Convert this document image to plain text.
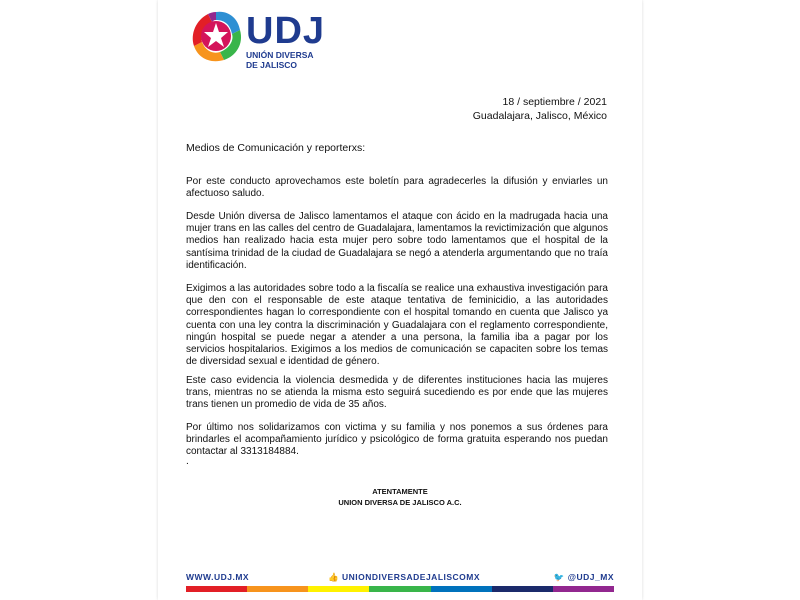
UDJ
UNIÓN DIVERSA
DE JALISCO
18 / septiembre / 2021
Guadalajara, Jalisco, México
Medios de Comunicación y reporterxs:

Por este conducto aprovechamos este boletín para agradecerles la difusión y enviarles un afectuoso saludo.

Desde Unión diversa de Jalisco lamentamos el ataque con ácido en la madrugada hacia una mujer trans en las calles del centro de Guadalajara, lamentamos la revictimización que algunos medios han realizado hacia esta mujer pero sobre todo lamentamos que el hospital de la santísima trinidad de la ciudad de Guadalajara se negó a atenderla argumentando que no traía identificación.

Exigimos a las autoridades sobre todo a la fiscalía se realice una exhaustiva investigación para que den con el responsable de este ataque tentativa de feminicidio, a las autoridades correspondientes hagan lo correspondiente con el hospital tomando en cuenta que Jalisco ya cuenta con una ley contra la discriminación y Guadalajara con el reglamento correspondiente, ningún hospital se puede negar a atender a una persona, la familia iba a pagar por los servicios hospitalarios. Exigimos a los medios de comunicación se capaciten sobre los temas de diversidad sexual e identidad de género.

Este caso evidencia la violencia desmedida y de diferentes instituciones hacia las mujeres trans, mientras no se atienda la misma esto seguirá sucediendo es por ende que las mujeres trans tienen un promedio de vida de 35 años.

Por último nos solidarizamos con victima y su familia y nos ponemos a sus órdenes para brindarles el acompañamiento jurídico y psicológico de forma gratuita esperando nos puedan contactar al 3313184884.

.
ATENTAMENTE
UNION DIVERSA DE JALISCO A.C.
WWW.UDJ.MX	👍 UNIONDIVERSADEJALISCOMX	🐦 @UDJ_MX
